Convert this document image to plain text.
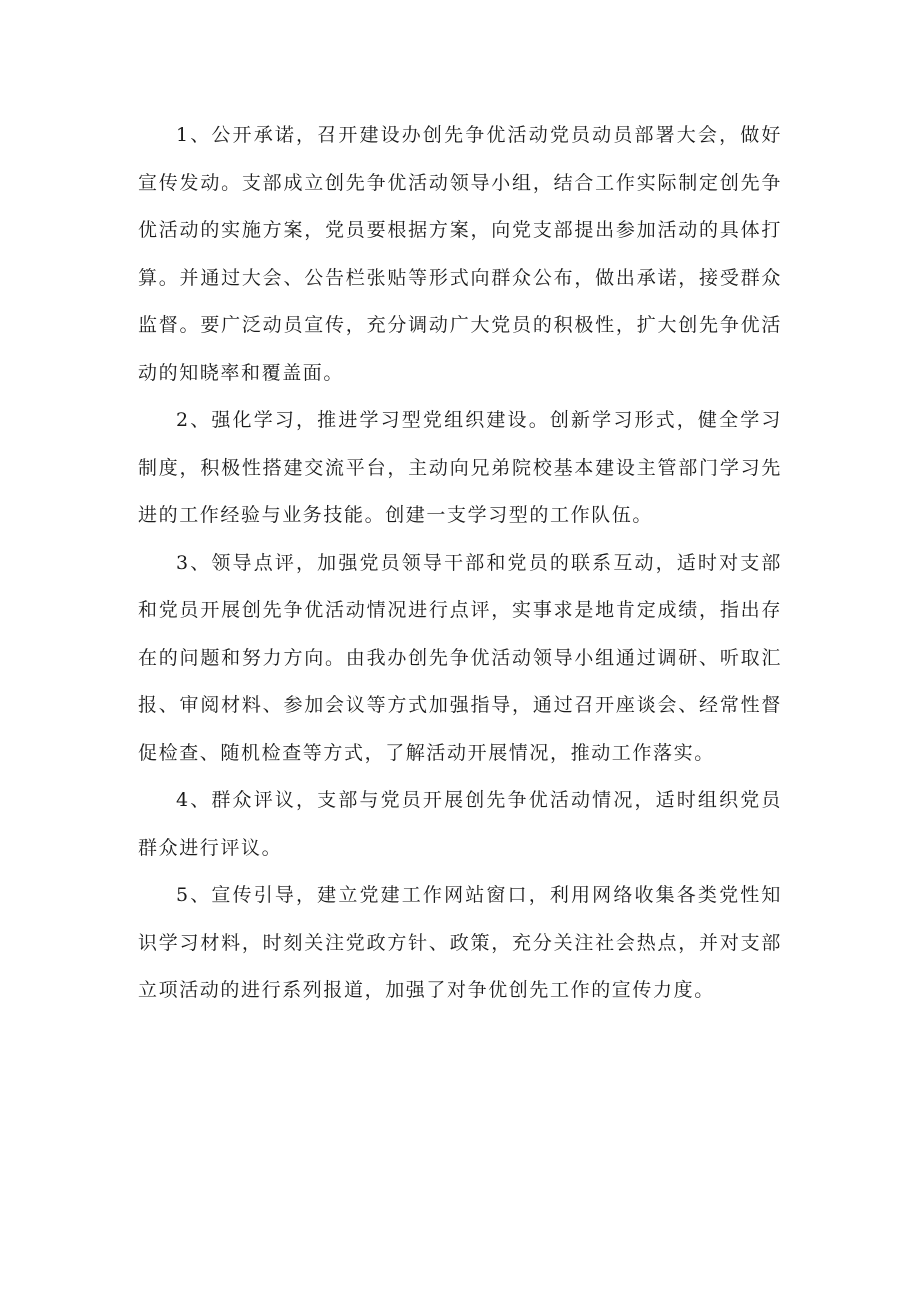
1、公开承诺，召开建设办创先争优活动党员动员部署大会，做好宣传发动。支部成立创先争优活动领导小组，结合工作实际制定创先争优活动的实施方案，党员要根据方案，向党支部提出参加活动的具体打算。并通过大会、公告栏张贴等形式向群众公布，做出承诺，接受群众监督。要广泛动员宣传，充分调动广大党员的积极性，扩大创先争优活动的知晓率和覆盖面。

2、强化学习，推进学习型党组织建设。创新学习形式，健全学习制度，积极性搭建交流平台，主动向兄弟院校基本建设主管部门学习先进的工作经验与业务技能。创建一支学习型的工作队伍。

3、领导点评，加强党员领导干部和党员的联系互动，适时对支部和党员开展创先争优活动情况进行点评，实事求是地肯定成绩，指出存在的问题和努力方向。由我办创先争优活动领导小组通过调研、听取汇报、审阅材料、参加会议等方式加强指导，通过召开座谈会、经常性督促检查、随机检查等方式，了解活动开展情况，推动工作落实。

4、群众评议，支部与党员开展创先争优活动情况，适时组织党员群众进行评议。

5、宣传引导，建立党建工作网站窗口，利用网络收集各类党性知识学习材料，时刻关注党政方针、政策，充分关注社会热点，并对支部立项活动的进行系列报道，加强了对争优创先工作的宣传力度。
